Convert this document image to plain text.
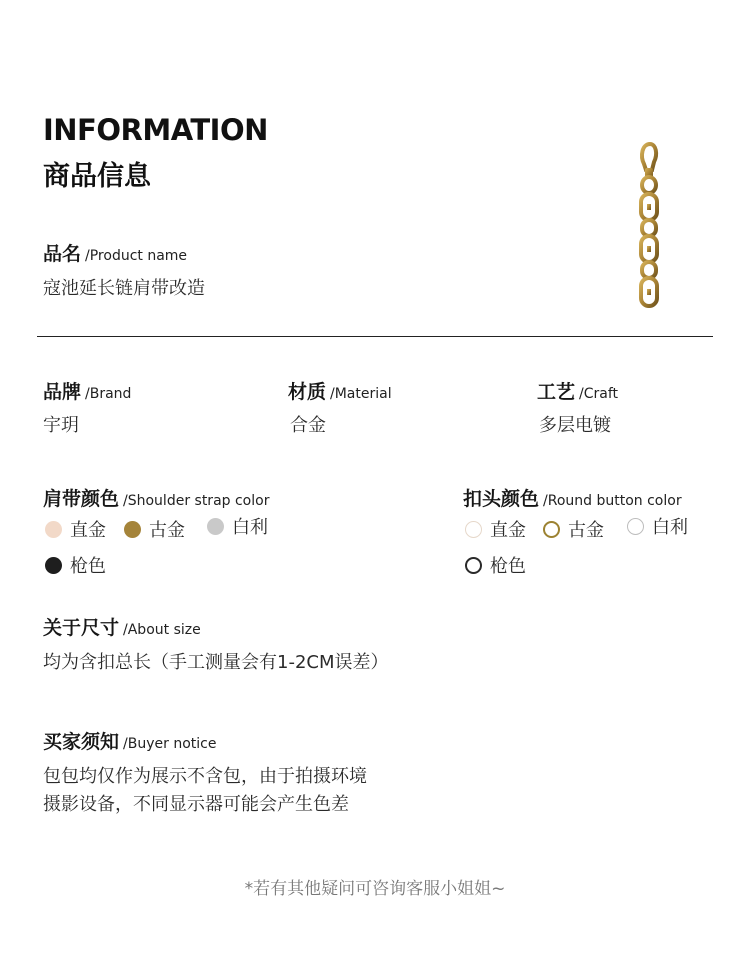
INFORMATION
商品信息
品名 /Product name
寇池延长链肩带改造
品牌 /Brand
宇玥
材质 /Material
合金
工艺 /Craft
多层电镀
肩带颜色 /Shoulder strap color
直金 古金	白利
枪色
扣头颜色 /Round button color
直金 古金	白利
枪色
关于尺寸 /About size
均为含扣总长（手工测量会有1-2CM误差）
买家须知 /Buyer notice
包包均仅作为展示不含包，由于拍摄环境
摄影设备，不同显示器可能会产生色差
*若有其他疑问可咨询客服小姐姐~
